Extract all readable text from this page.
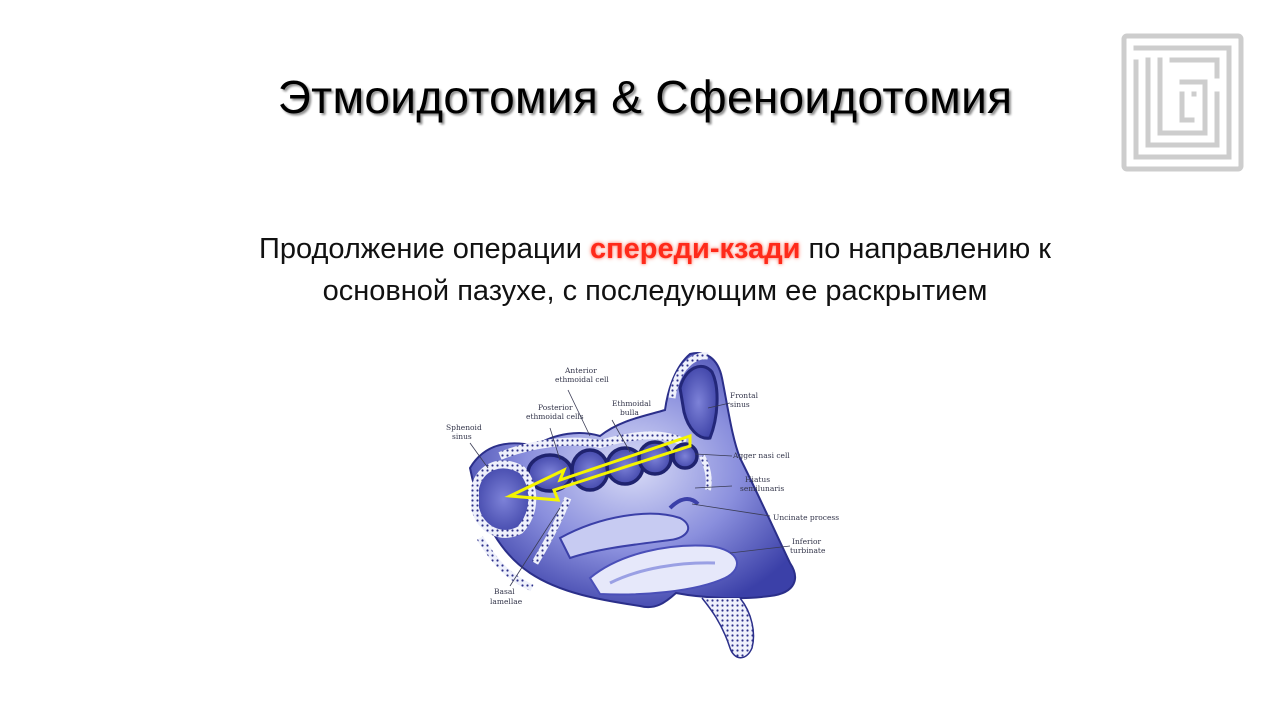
Этмоидотомия & Сфеноидотомия
Продолжение операции спереди-кзади по направлению к
основной пазухе, с последующим ее раскрытием
Anterior
ethmoidal cell
Frontal
sinus
Posterior
ethmoidal cells
Ethmoidal
bulla
Sphenoid
sinus
Agger nasi cell
Hiatus
semilunaris
Uncinate process
Inferior
turbinate
Basal
lamellae
